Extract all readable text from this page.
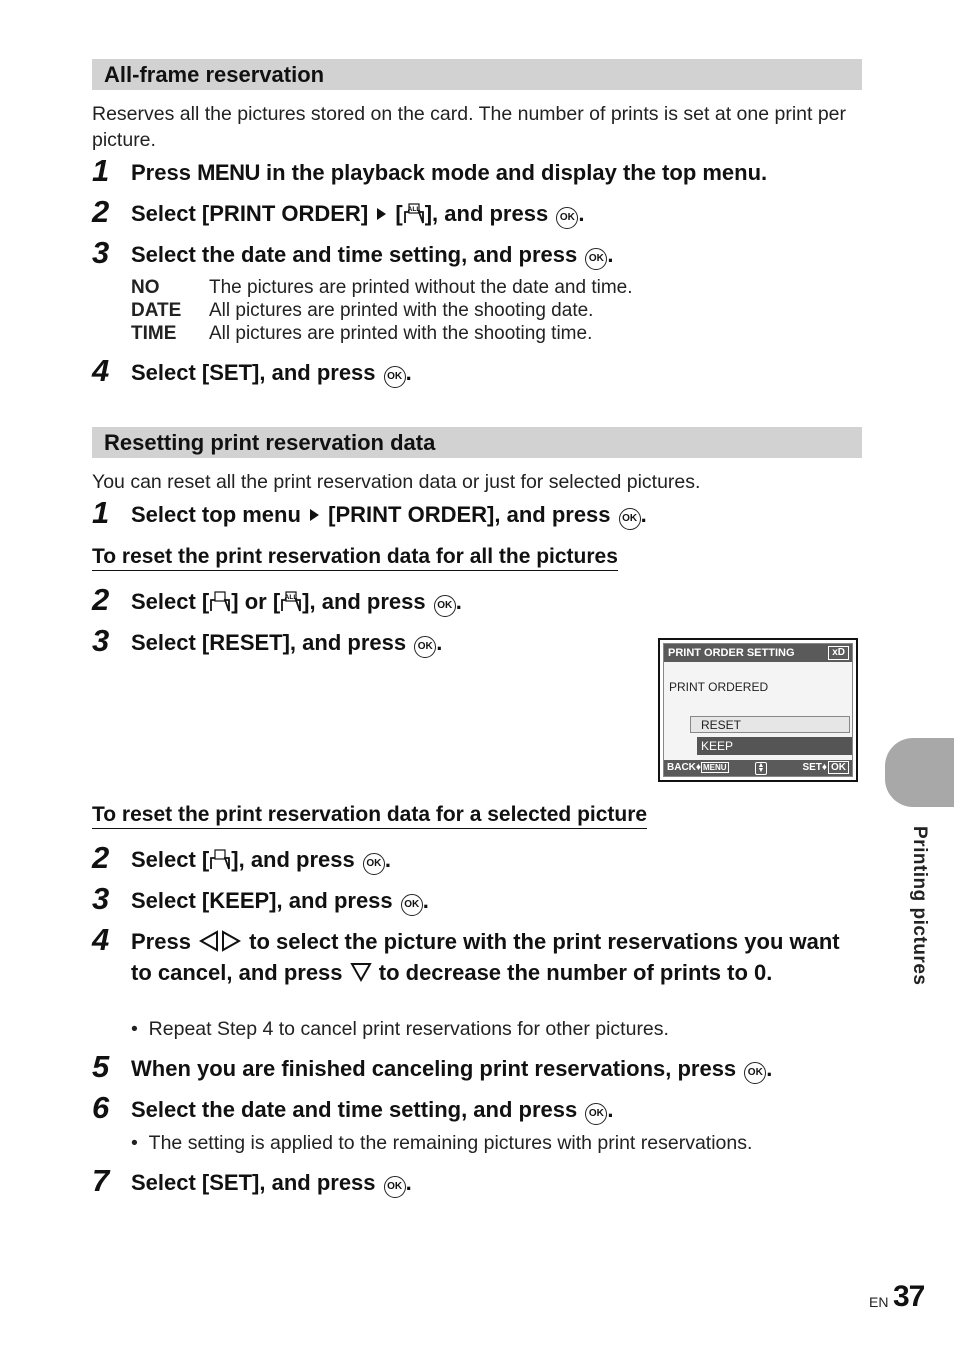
All-frame reservation
Reserves all the pictures stored on the card. The number of prints is set at one print per picture.
1 Press MENU in the playback mode and display the top menu.
2 Select [PRINT ORDER]  [ ALL ], and press OK .
3 Select the date and time setting, and press OK .
NO	The pictures are printed without the date and time.
DATE All pictures are printed with the shooting date.
TIME All pictures are printed with the shooting time.
4 Select [SET], and press OK .
Resetting print reservation data
You can reset all the print reservation data or just for selected pictures.
1 Select top menu  [PRINT ORDER], and press OK .
To reset the print reservation data for all the pictures
2 Select [ ] or [ ALL ], and press OK .
3 Select [RESET], and press OK .	PRINT ORDER SETTING	xD
PRINT ORDERED
RESET
KEEP
BACK♦ MENU	▲
▼	SET♦ OK
To reset the print reservation data for a selected picture
2 Select [ ], and press OK .
3 Select [KEEP], and press OK .
4 Press  to select the picture with the print reservations you want to cancel, and press  to decrease the number of prints to 0.
•  Repeat Step 4 to cancel print reservations for other pictures.
5 When you are finished canceling print reservations, press OK .
6 Select the date and time setting, and press OK .
•  The setting is applied to the remaining pictures with print reservations.
7 Select [SET], and press OK .
Printing pictures
EN 37
